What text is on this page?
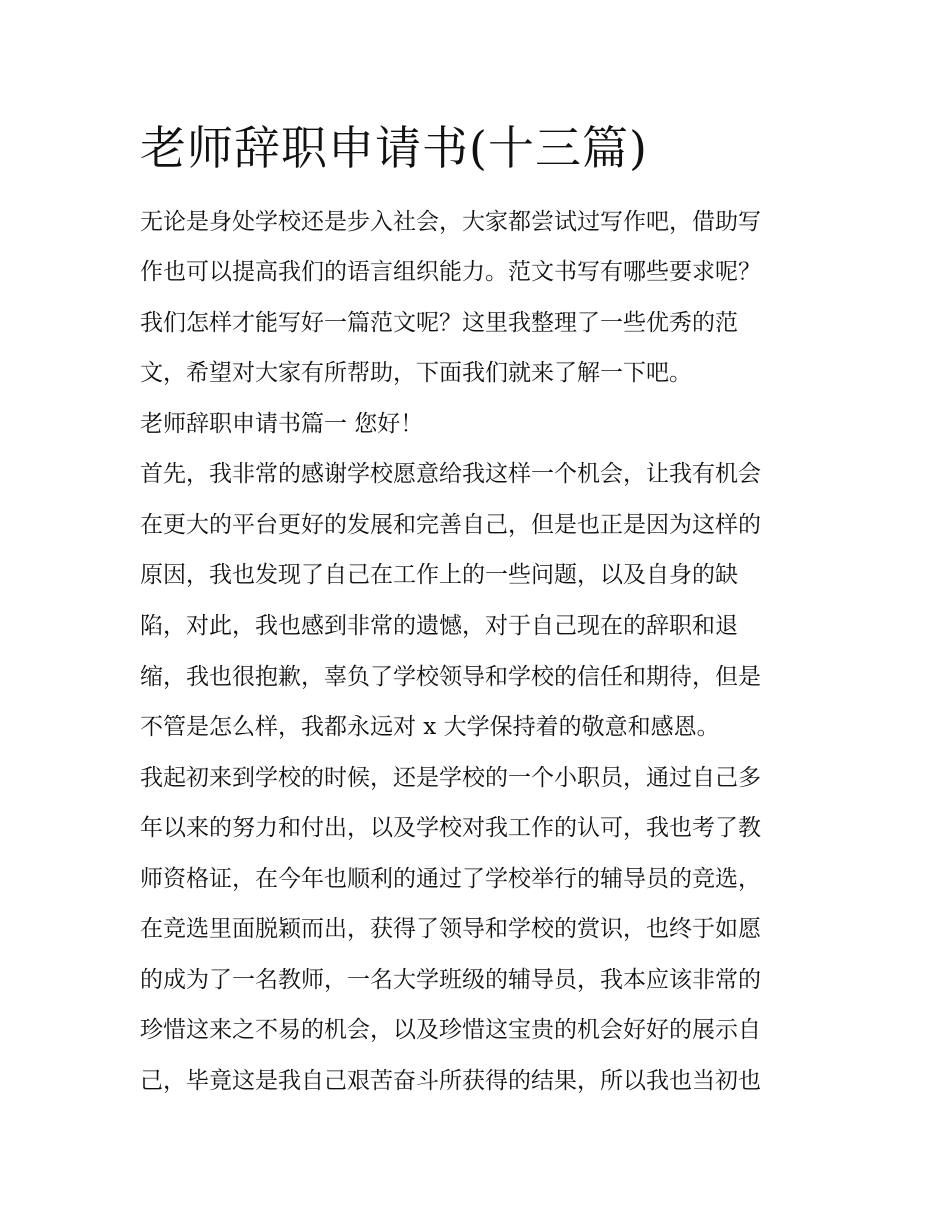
老师辞职申请书(十三篇)

无论是身处学校还是步入社会，大家都尝试过写作吧，借助写

作也可以提高我们的语言组织能力。范文书写有哪些要求呢？

我们怎样才能写好一篇范文呢？这里我整理了一些优秀的范

文，希望对大家有所帮助，下面我们就来了解一下吧。

老师辞职申请书篇一 您好！

首先，我非常的感谢学校愿意给我这样一个机会，让我有机会

在更大的平台更好的发展和完善自己，但是也正是因为这样的

原因，我也发现了自己在工作上的一些问题，以及自身的缺

陷，对此，我也感到非常的遗憾，对于自己现在的辞职和退

缩，我也很抱歉，辜负了学校领导和学校的信任和期待，但是

不管是怎么样，我都永远对 x 大学保持着的敬意和感恩。

我起初来到学校的时候，还是学校的一个小职员，通过自己多

年以来的努力和付出，以及学校对我工作的认可，我也考了教

师资格证，在今年也顺利的通过了学校举行的辅导员的竞选，

在竞选里面脱颖而出，获得了领导和学校的赏识，也终于如愿

的成为了一名教师，一名大学班级的辅导员，我本应该非常的

珍惜这来之不易的机会，以及珍惜这宝贵的机会好好的展示自

己，毕竟这是我自己艰苦奋斗所获得的结果，所以我也当初也
